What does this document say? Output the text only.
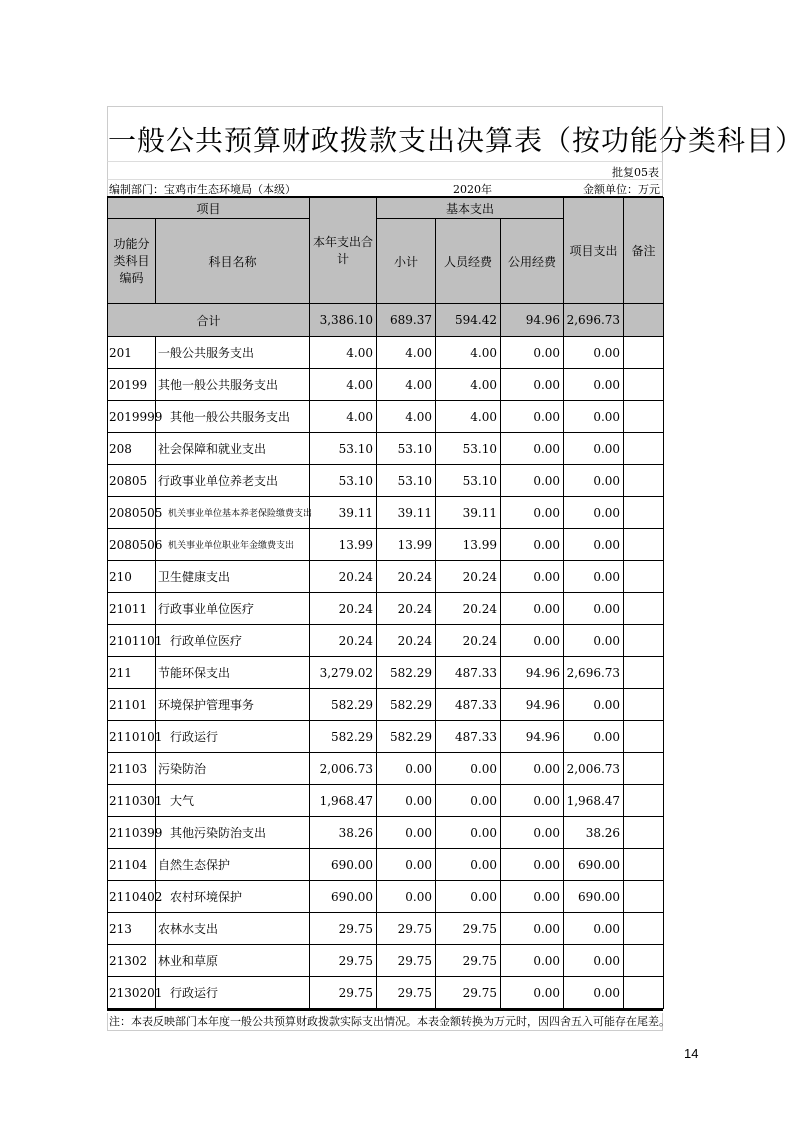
一般公共预算财政拨款支出决算表（按功能分类科目）
批复05表
编制部门：宝鸡市生态环境局（本级）	2020年	金额单位：万元
项目		本年支出合计	基本支出			项目支出	备注
功能分类科目编码	科目名称		小计	人员经费	公用经费		
合计		3,386.10	689.37	594.42	94.96	2,696.73	
201	一般公共服务支出	4.00	4.00	4.00	0.00	0.00	
20199	其他一般公共服务支出	4.00	4.00	4.00	0.00	0.00	
2019999	其他一般公共服务支出	4.00	4.00	4.00	0.00	0.00	
208	社会保障和就业支出	53.10	53.10	53.10	0.00	0.00	
20805	行政事业单位养老支出	53.10	53.10	53.10	0.00	0.00	
2080505	机关事业单位基本养老保险缴费支出	39.11	39.11	39.11	0.00	0.00	
2080506	机关事业单位职业年金缴费支出	13.99	13.99	13.99	0.00	0.00	
210	卫生健康支出	20.24	20.24	20.24	0.00	0.00	
21011	行政事业单位医疗	20.24	20.24	20.24	0.00	0.00	
2101101	行政单位医疗	20.24	20.24	20.24	0.00	0.00	
211	节能环保支出	3,279.02	582.29	487.33	94.96	2,696.73	
21101	环境保护管理事务	582.29	582.29	487.33	94.96	0.00	
2110101	行政运行	582.29	582.29	487.33	94.96	0.00	
21103	污染防治	2,006.73	0.00	0.00	0.00	2,006.73	
2110301	大气	1,968.47	0.00	0.00	0.00	1,968.47	
2110399	其他污染防治支出	38.26	0.00	0.00	0.00	38.26	
21104	自然生态保护	690.00	0.00	0.00	0.00	690.00	
2110402	农村环境保护	690.00	0.00	0.00	0.00	690.00	
213	农林水支出	29.75	29.75	29.75	0.00	0.00	
21302	林业和草原	29.75	29.75	29.75	0.00	0.00	
2130201	行政运行	29.75	29.75	29.75	0.00	0.00	
注：本表反映部门本年度一般公共预算财政拨款实际支出情况。本表金额转换为万元时，因四舍五入可能存在尾差。
14
